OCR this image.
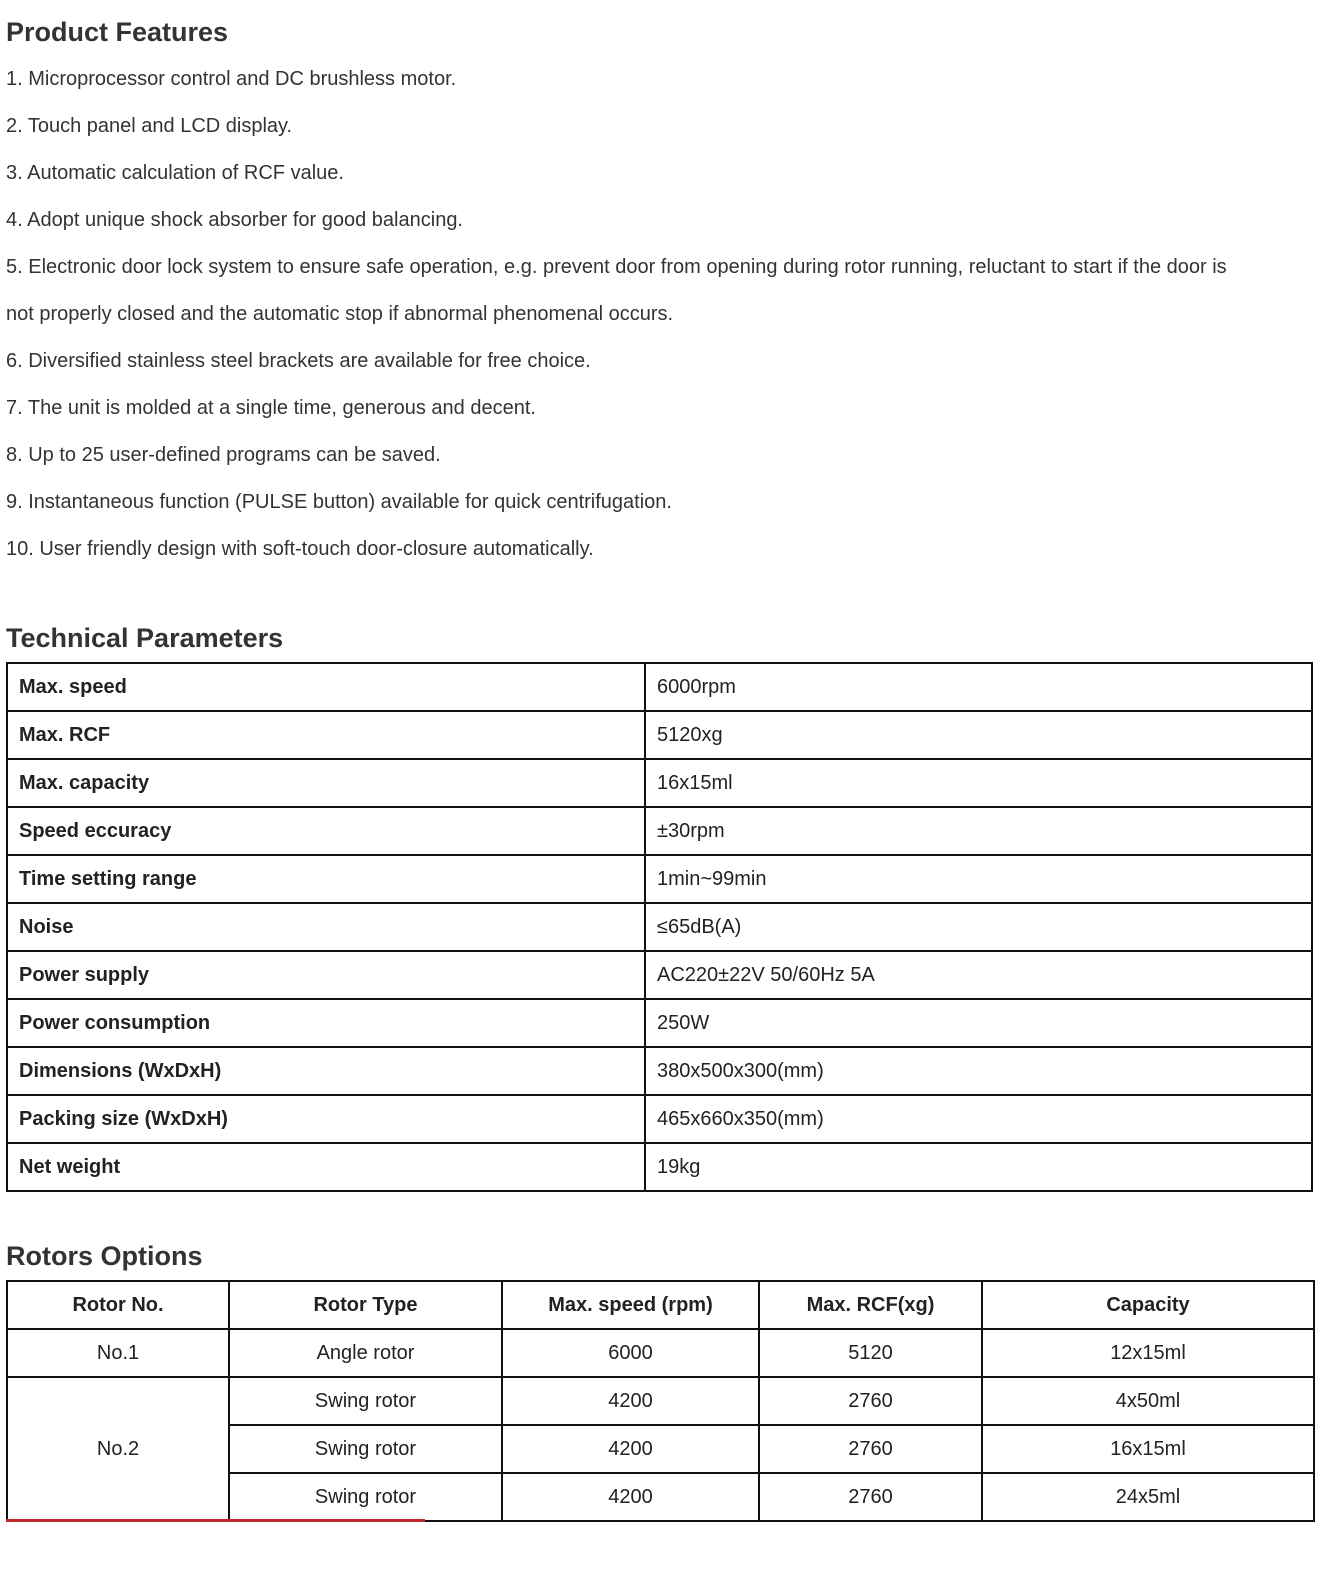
Product Features
1. Microprocessor control and DC brushless motor.
2. Touch panel and LCD display.
3. Automatic calculation of RCF value.
4. Adopt unique shock absorber for good balancing.
5. Electronic door lock system to ensure safe operation, e.g. prevent door from opening during rotor running, reluctant to start if the door is
not properly closed and the automatic stop if abnormal phenomenal occurs.
6. Diversified stainless steel brackets are available for free choice.
7. The unit is molded at a single time, generous and decent.
8. Up to 25 user-defined programs can be saved.
9. Instantaneous function (PULSE button) available for quick centrifugation.
10. User friendly design with soft-touch door-closure automatically.
Technical Parameters
Max. speed	6000rpm
Max. RCF	5120xg
Max. capacity	16x15ml
Speed eccuracy	±30rpm
Time setting range	1min~99min
Noise	≤65dB(A)
Power supply	AC220±22V 50/60Hz 5A
Power consumption	250W
Dimensions (WxDxH)	380x500x300(mm)
Packing size (WxDxH)	465x660x350(mm)
Net weight	19kg
Rotors Options
Rotor No.	Rotor Type	Max. speed (rpm)	Max. RCF(xg)	Capacity
No.1	Angle rotor	6000	5120	12x15ml
No.2	Swing rotor	4200	2760	4x50ml
	Swing rotor	4200	2760	16x15ml
	Swing rotor	4200	2760	24x5ml
